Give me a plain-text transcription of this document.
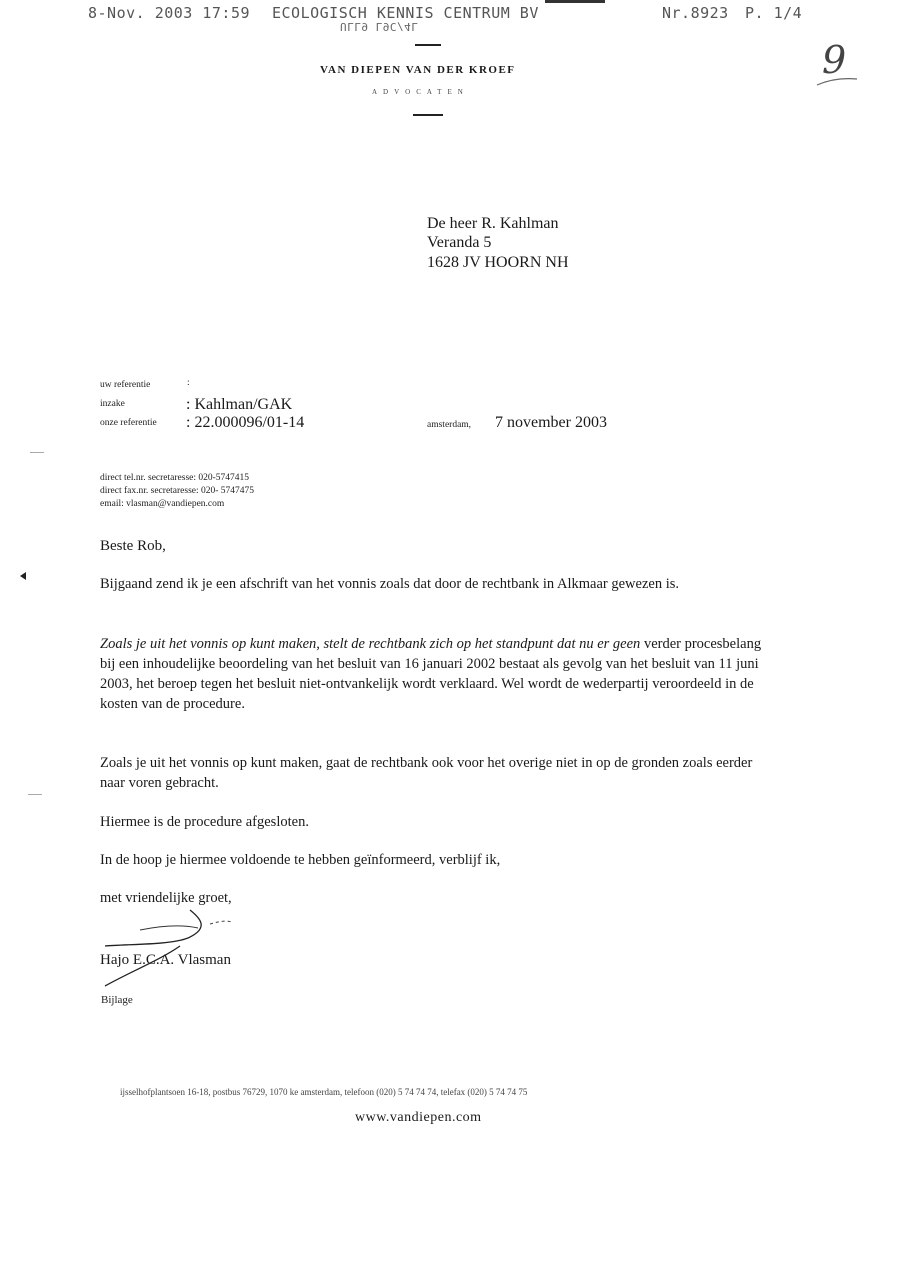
8-Nov. 2003 17:59 ECOLOGISCH KENNIS CENTRUM BV
ULL9 L9C/4L
Nr.8923 P. 1/4
9
VAN DIEPEN VAN DER KROEF
ADVOCATEN
De heer R. Kahlman
Veranda 5
1628 JV HOORN NH
uw referentie	:
inzake	: Kahlman/GAK
onze referentie : 22.000096/01-14	amsterdam, 7 november 2003
direct tel.nr. secretaresse: 020-5747415
direct fax.nr. secretaresse: 020- 5747475
email: vlasman@vandiepen.com
Beste Rob,
Bijgaand zend ik je een afschrift van het vonnis zoals dat door de rechtbank in Alkmaar gewezen is.
Zoals je uit het vonnis op kunt maken, stelt de rechtbank zich op het standpunt dat nu er geen verder procesbelang bij een inhoudelijke beoordeling van het besluit van 16 januari 2002 bestaat als gevolg van het besluit van 11 juni 2003, het beroep tegen het besluit niet-ontvankelijk wordt verklaard. Wel wordt de wederpartij veroordeeld in de kosten van de procedure.
Zoals je uit het vonnis op kunt maken, gaat de rechtbank ook voor het overige niet in op de gronden zoals eerder naar voren gebracht.
Hiermee is de procedure afgesloten.
In de hoop je hiermee voldoende te hebben geïnformeerd, verblijf ik,
met vriendelijke groet,
Hajo E.C.A. Vlasman
Bijlage
ijsselhofplantsoen 16-18, postbus 76729, 1070 ke amsterdam, telefoon (020) 5 74 74 74, telefax (020) 5 74 74 75
www.vandiepen.com
